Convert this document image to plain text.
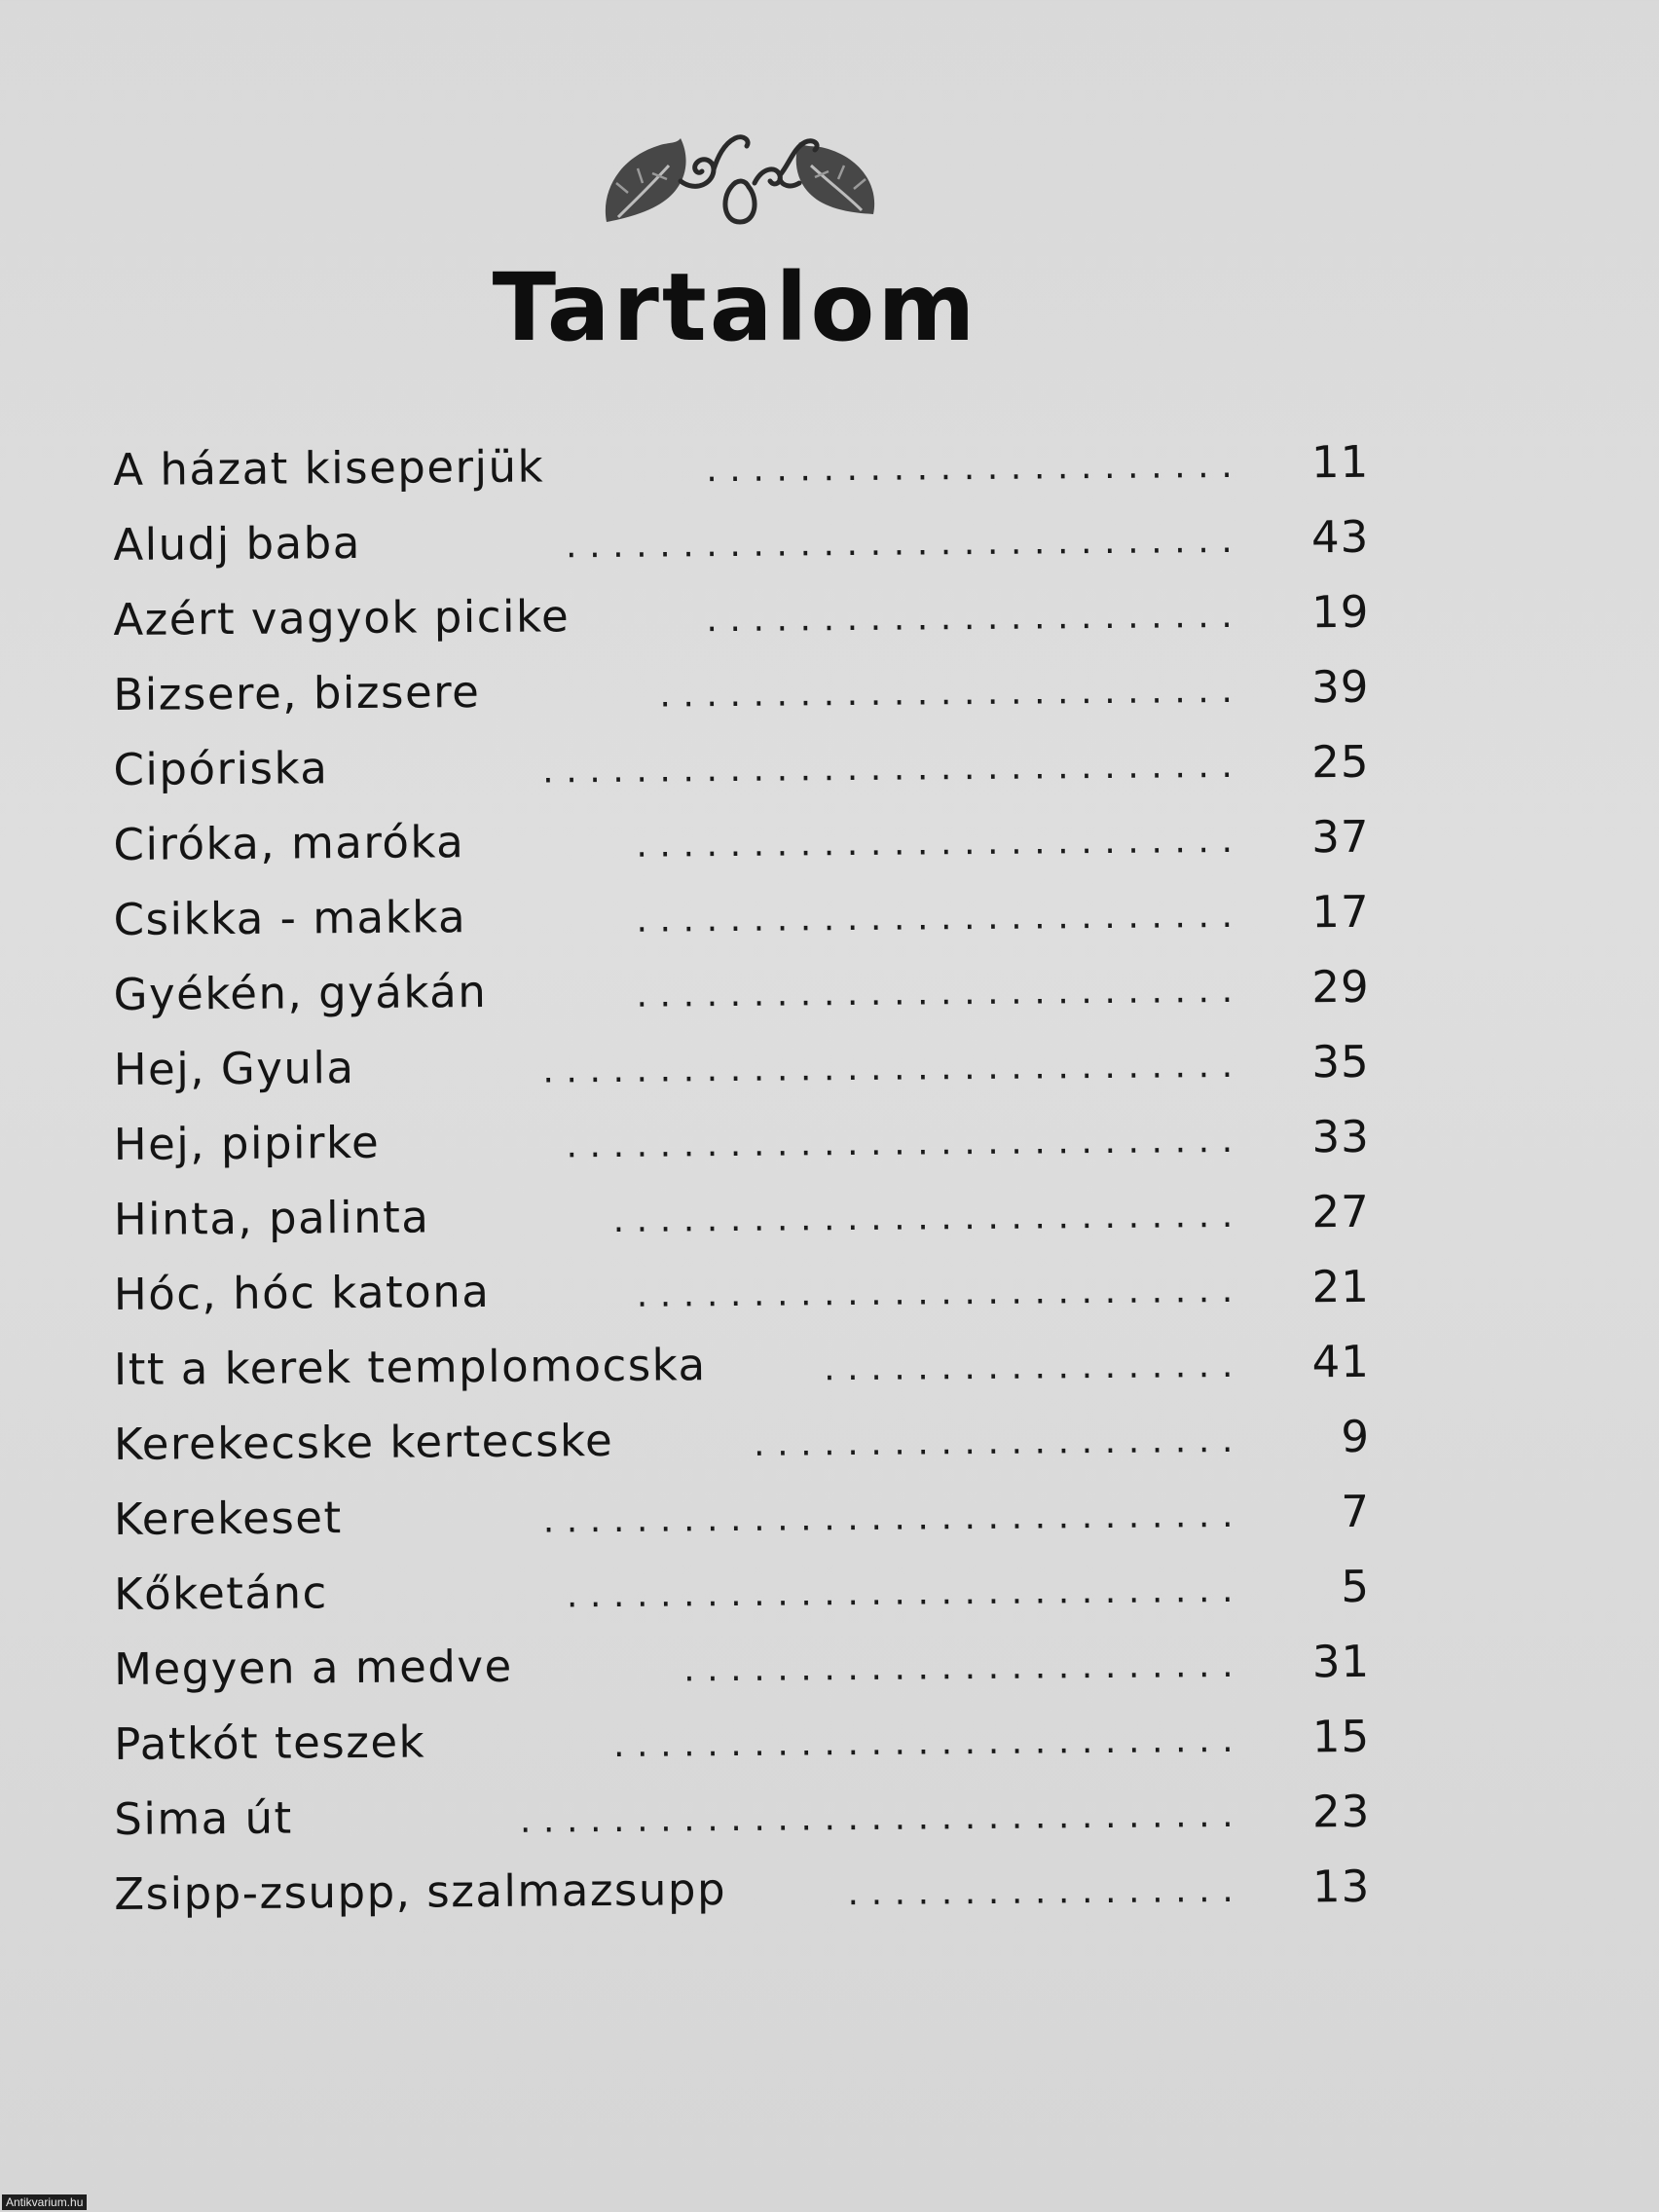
Tartalom
A házat kiseperjük	.......................	11
Aludj baba	.............................	43
Azért vagyok picike	.......................	19
Bizsere, bizsere	.........................	39
Cipóriska	..............................	25
Ciróka, maróka	..........................	37
Csikka - makka	..........................	17
Gyékén, gyákán	..........................	29
Hej, Gyula	..............................	35
Hej, pipirke	.............................	33
Hinta, palinta	...........................	27
Hóc, hóc katona	..........................	21
Itt a kerek templomocska	..................	41
Kerekecske kertecske	.....................	9
Kerekeset	..............................	7
Kőketánc	.............................	5
Megyen a medve	........................	31
Patkót teszek	...........................	15
Sima út	...............................	23
Zsipp-zsupp, szalmazsupp	.................	13
Antikvarium.hu
